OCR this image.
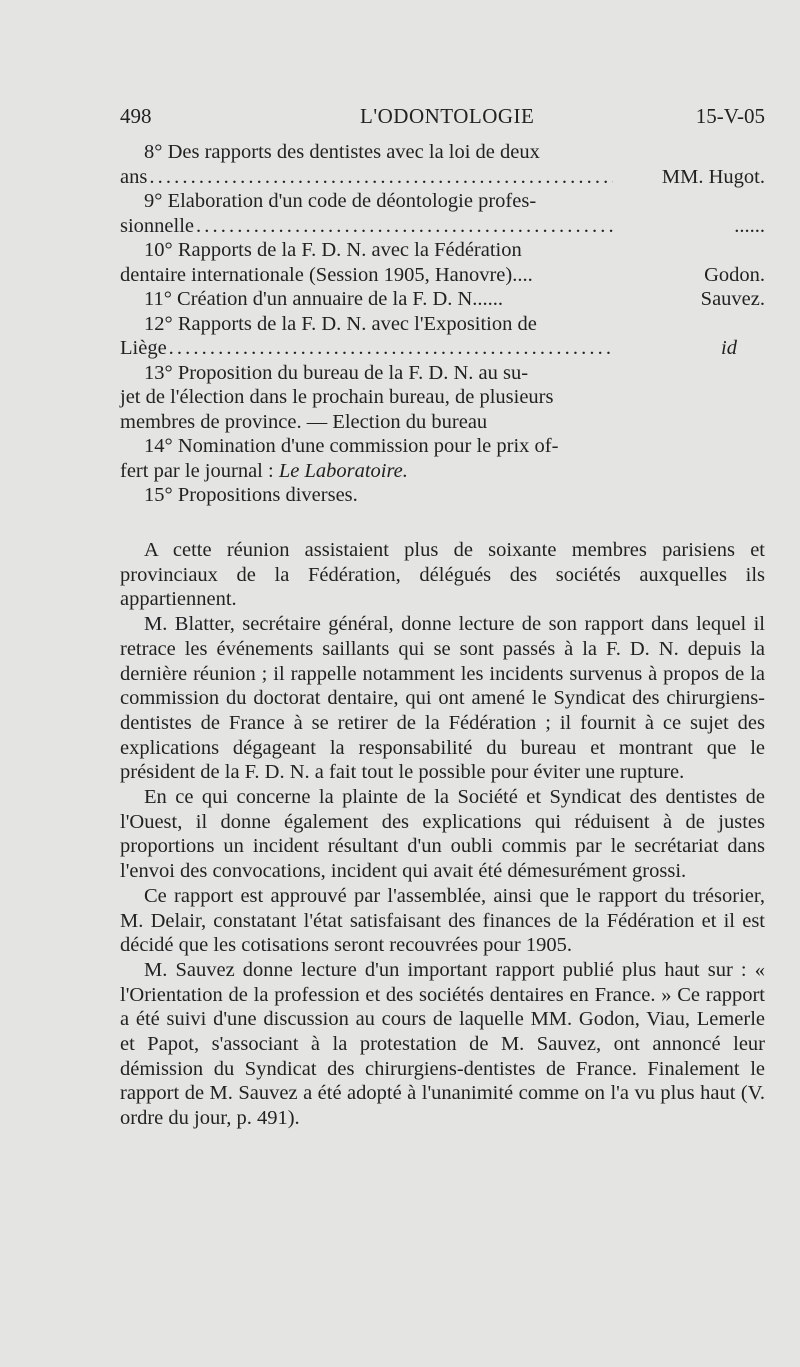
498	L'ODONTOLOGIE	15-V-05
8° Des rapports des dentistes avec la loi de deux
ans . . .	MM. Hugot.
9° Elaboration d'un code de déontologie profes-
sionnelle . . .	......
10° Rapports de la F. D. N. avec la Fédération
dentaire internationale (Session 1905, Hanovre)....	Godon.
11° Création d'un annuaire de la F. D. N......	Sauvez.
12° Rapports de la F. D. N. avec l'Exposition de
Liège . . .	id
13° Proposition du bureau de la F. D. N. au su-
jet de l'élection dans le prochain bureau, de plusieurs
membres de province. — Election du bureau
14° Nomination d'une commission pour le prix of-
fert par le journal : Le Laboratoire.
15° Propositions diverses.

A cette réunion assistaient plus de soixante membres parisiens et provinciaux de la Fédération, délégués des sociétés auxquelles ils appartiennent.

M. Blatter, secrétaire général, donne lecture de son rapport dans lequel il retrace les événements saillants qui se sont passés à la F. D. N. depuis la dernière réunion ; il rappelle notamment les incidents survenus à propos de la commission du doctorat dentaire, qui ont amené le Syndicat des chirurgiens-dentistes de France à se retirer de la Fédération ; il fournit à ce sujet des explications dégageant la responsabilité du bureau et montrant que le président de la F. D. N. a fait tout le possible pour éviter une rupture.

En ce qui concerne la plainte de la Société et Syndicat des dentistes de l'Ouest, il donne également des explications qui réduisent à de justes proportions un incident résultant d'un oubli commis par le secrétariat dans l'envoi des convocations, incident qui avait été démesurément grossi.

Ce rapport est approuvé par l'assemblée, ainsi que le rapport du trésorier, M. Delair, constatant l'état satisfaisant des finances de la Fédération et il est décidé que les cotisations seront recouvrées pour 1905.

M. Sauvez donne lecture d'un important rapport publié plus haut sur : « l'Orientation de la profession et des sociétés dentaires en France. » Ce rapport a été suivi d'une discussion au cours de laquelle MM. Godon, Viau, Lemerle et Papot, s'associant à la protestation de M. Sauvez, ont annoncé leur démission du Syndicat des chirurgiens-dentistes de France. Finalement le rapport de M. Sauvez a été adopté à l'unanimité comme on l'a vu plus haut (V. ordre du jour, p. 491).
